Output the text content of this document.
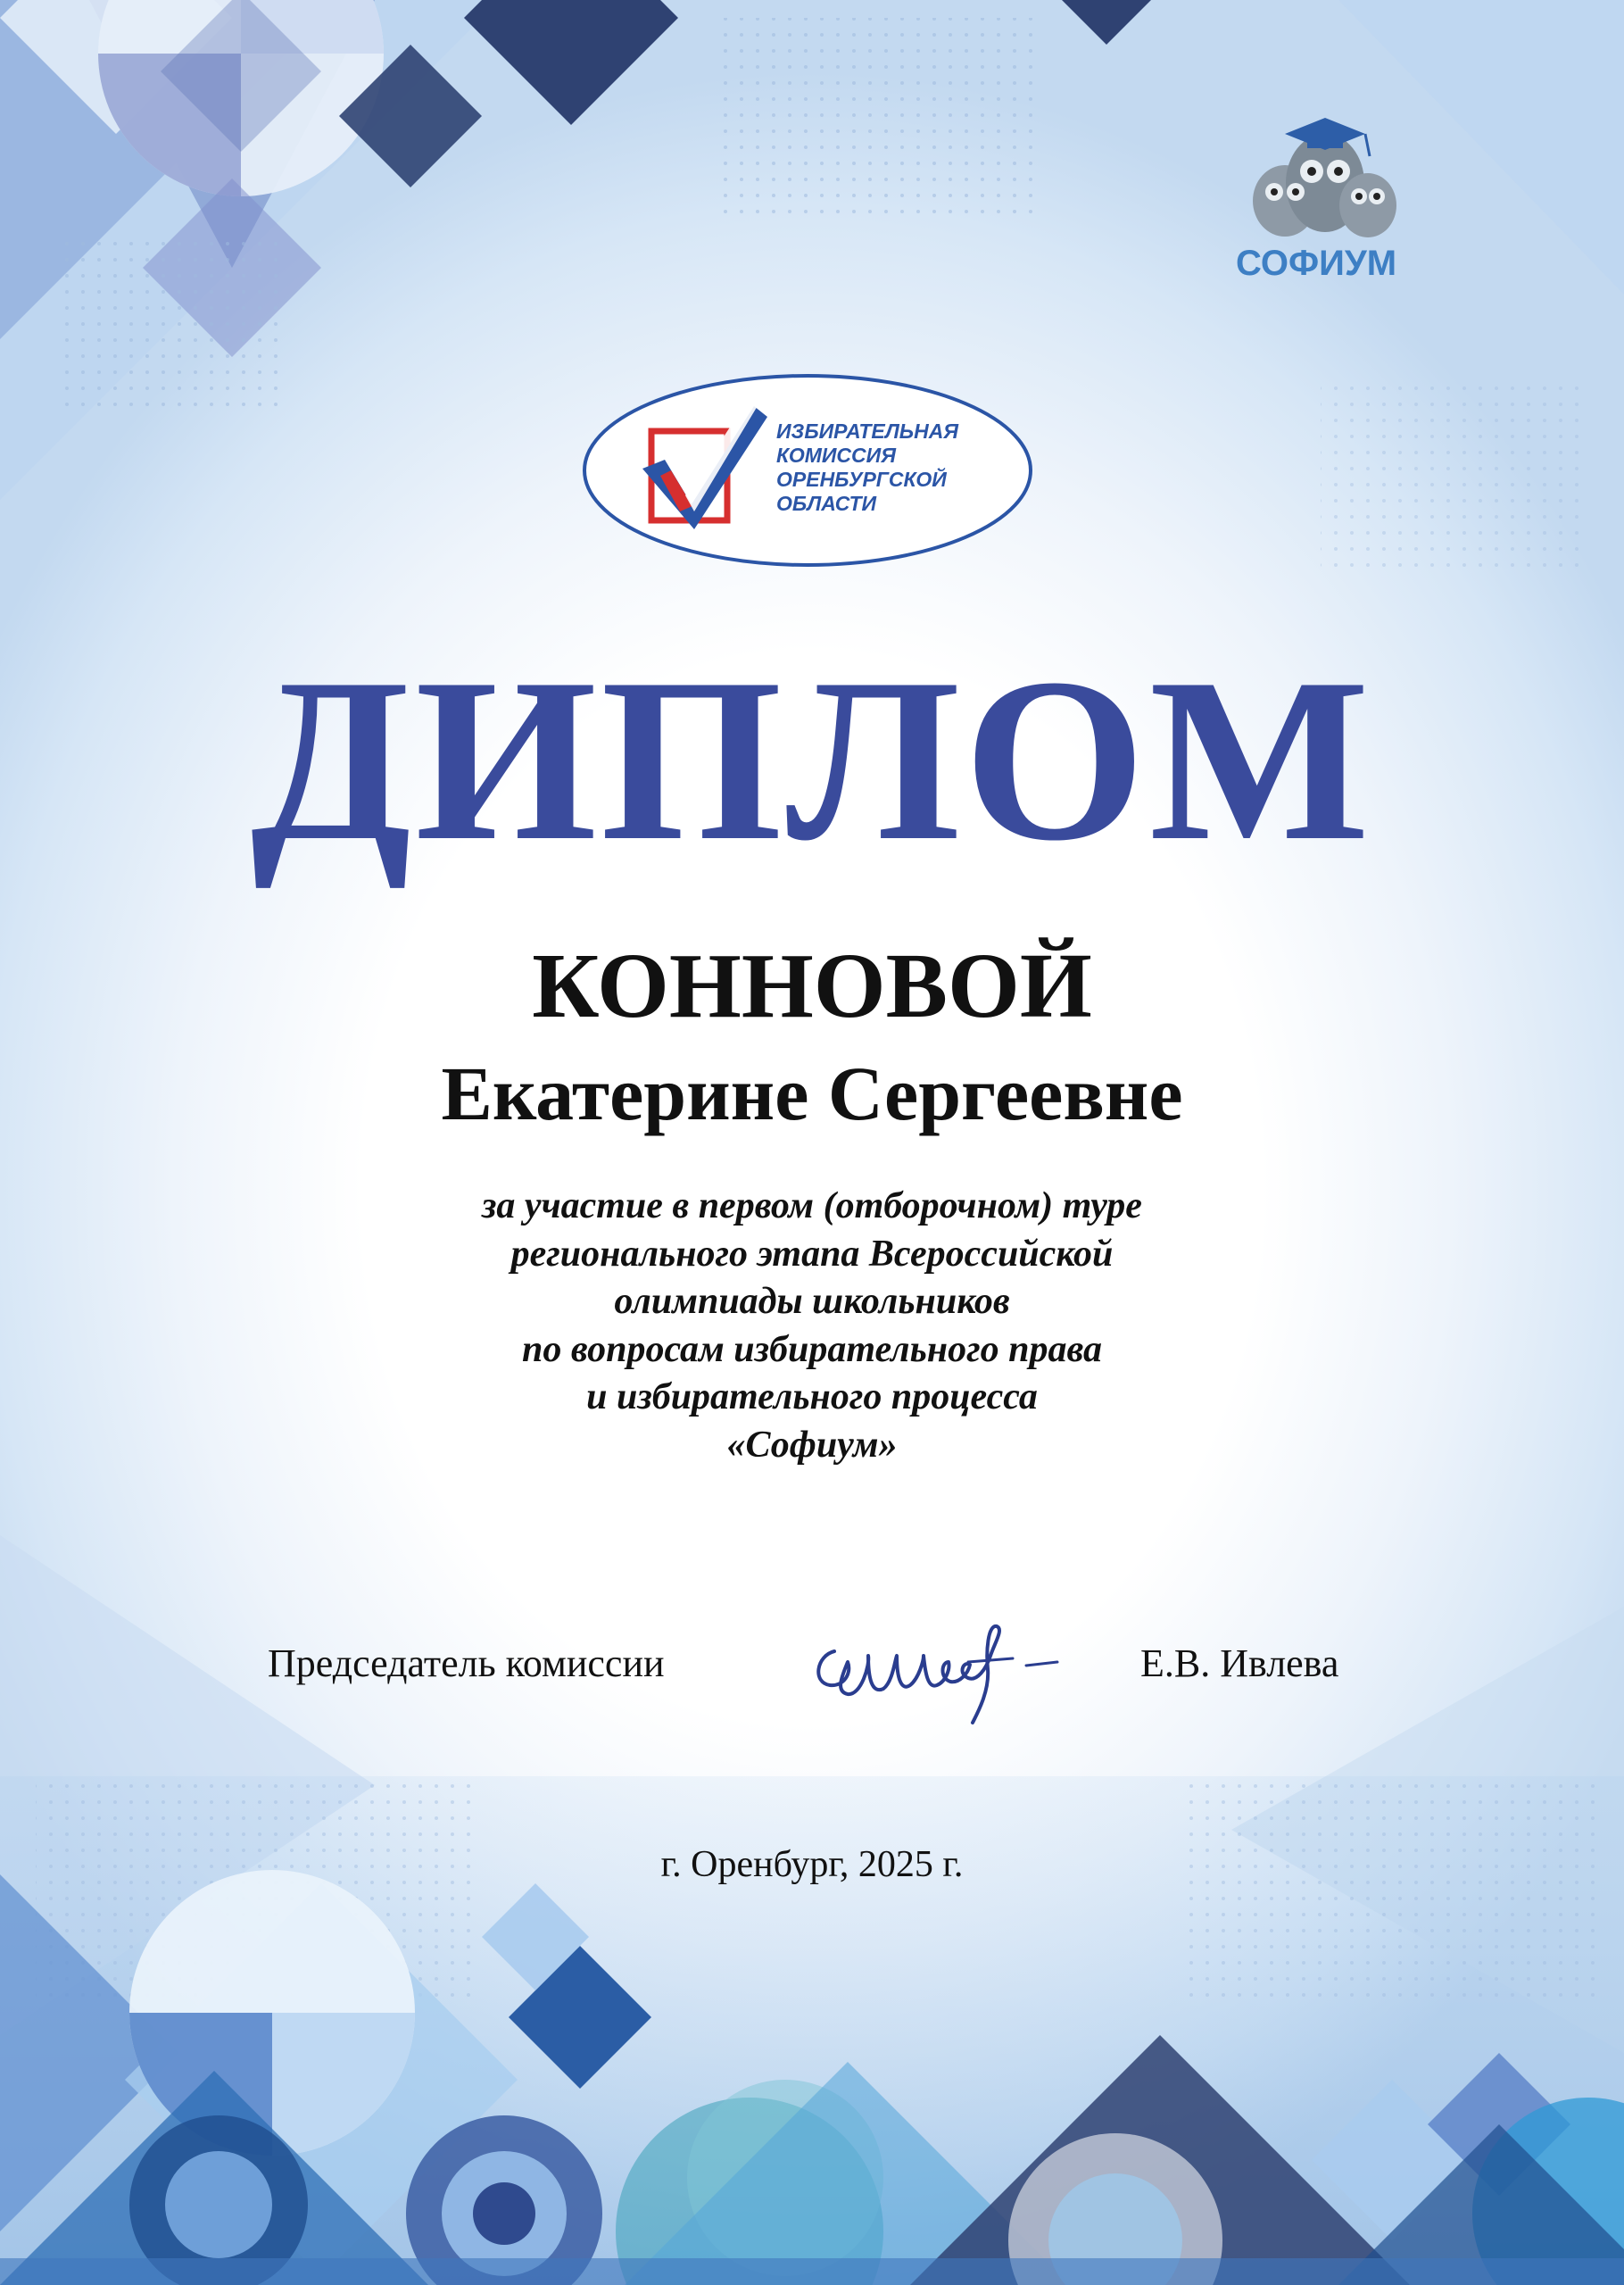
СОФИУМ
ИЗБИРАТЕЛЬНАЯ
КОМИССИЯ
ОРЕНБУРГСКОЙ
ОБЛАСТИ
ДИПЛОМ
КОННОВОЙ
Екатерине Сергеевне
за участие в первом (отборочном) туре
регионального этапа Всероссийской
олимпиады школьников
по вопросам избирательного права
и избирательного процесса
«Софиум»
Председатель комиссии	Е.В. Ивлева
г. Оренбург, 2025 г.
